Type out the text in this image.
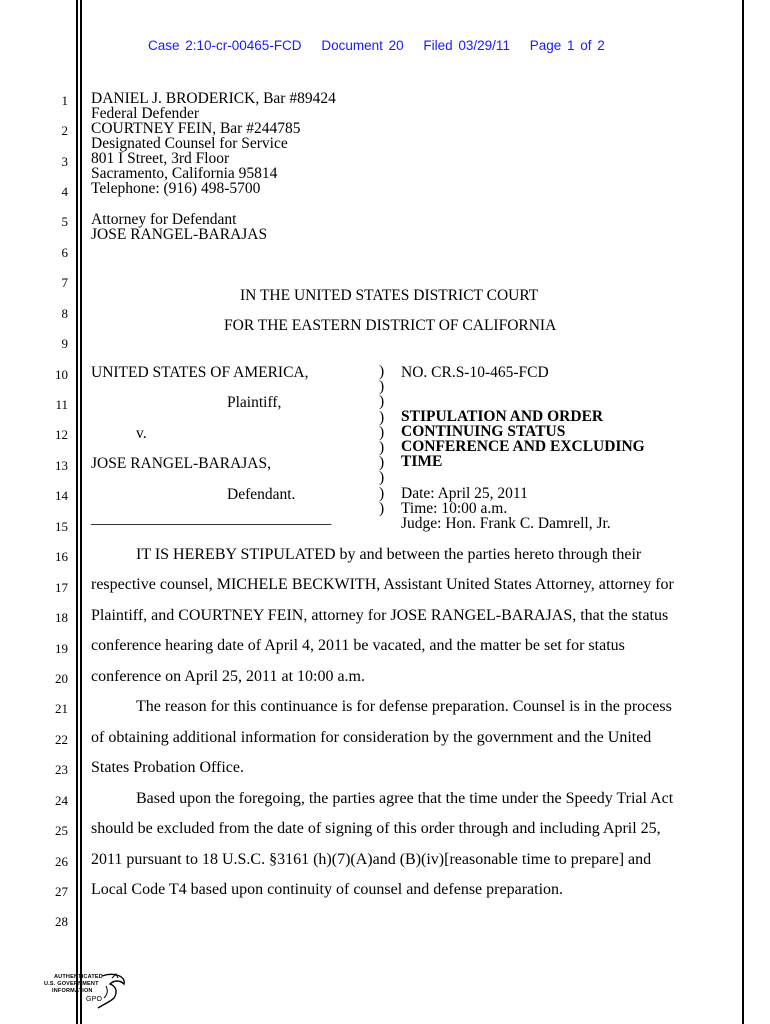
Case 2:10-cr-00465-FCD Document 20 Filed 03/29/11 Page 1 of 2
1
2
3
4
5
6
7
8
9
10
11
12
13
14
15
16
17
18
19
20
21
22
23
24
25
26
27
28
DANIEL J. BRODERICK, Bar #89424
Federal Defender
COURTNEY FEIN, Bar #244785
Designated Counsel for Service
801 I Street, 3rd Floor
Sacramento, California 95814
Telephone: (916) 498-5700
Attorney for Defendant
JOSE RANGEL-BARAJAS
IN THE UNITED STATES DISTRICT COURT
FOR THE EASTERN DISTRICT OF CALIFORNIA
UNITED STATES OF AMERICA,
Plaintiff,
v.
JOSE RANGEL-BARAJAS,
Defendant.
_______________________________
)
)
)
)
)
)
)
)
)
)
NO. CR.S-10-465-FCD
STIPULATION AND ORDER
CONTINUING STATUS
CONFERENCE AND EXCLUDING
TIME
Date: April 25, 2011
Time: 10:00 a.m.
Judge: Hon. Frank C. Damrell, Jr.
IT IS HEREBY STIPULATED by and between the parties hereto through their
respective counsel, MICHELE BECKWITH, Assistant United States Attorney, attorney for
Plaintiff, and COURTNEY FEIN, attorney for JOSE RANGEL-BARAJAS, that the status
conference hearing date of April 4, 2011 be vacated, and the matter be set for status
conference on April 25, 2011 at 10:00 a.m.
The reason for this continuance is for defense preparation. Counsel is in the process
of obtaining additional information for consideration by the government and the United
States Probation Office.
Based upon the foregoing, the parties agree that the time under the Speedy Trial Act
should be excluded from the date of signing of this order through and including April 25,
2011 pursuant to 18 U.S.C. §3161 (h)(7)(A)and (B)(iv)[reasonable time to prepare] and
Local Code T4 based upon continuity of counsel and defense preparation.
AUTHENTICATED
U.S. GOVERNMENT
INFORMATION
GPO
